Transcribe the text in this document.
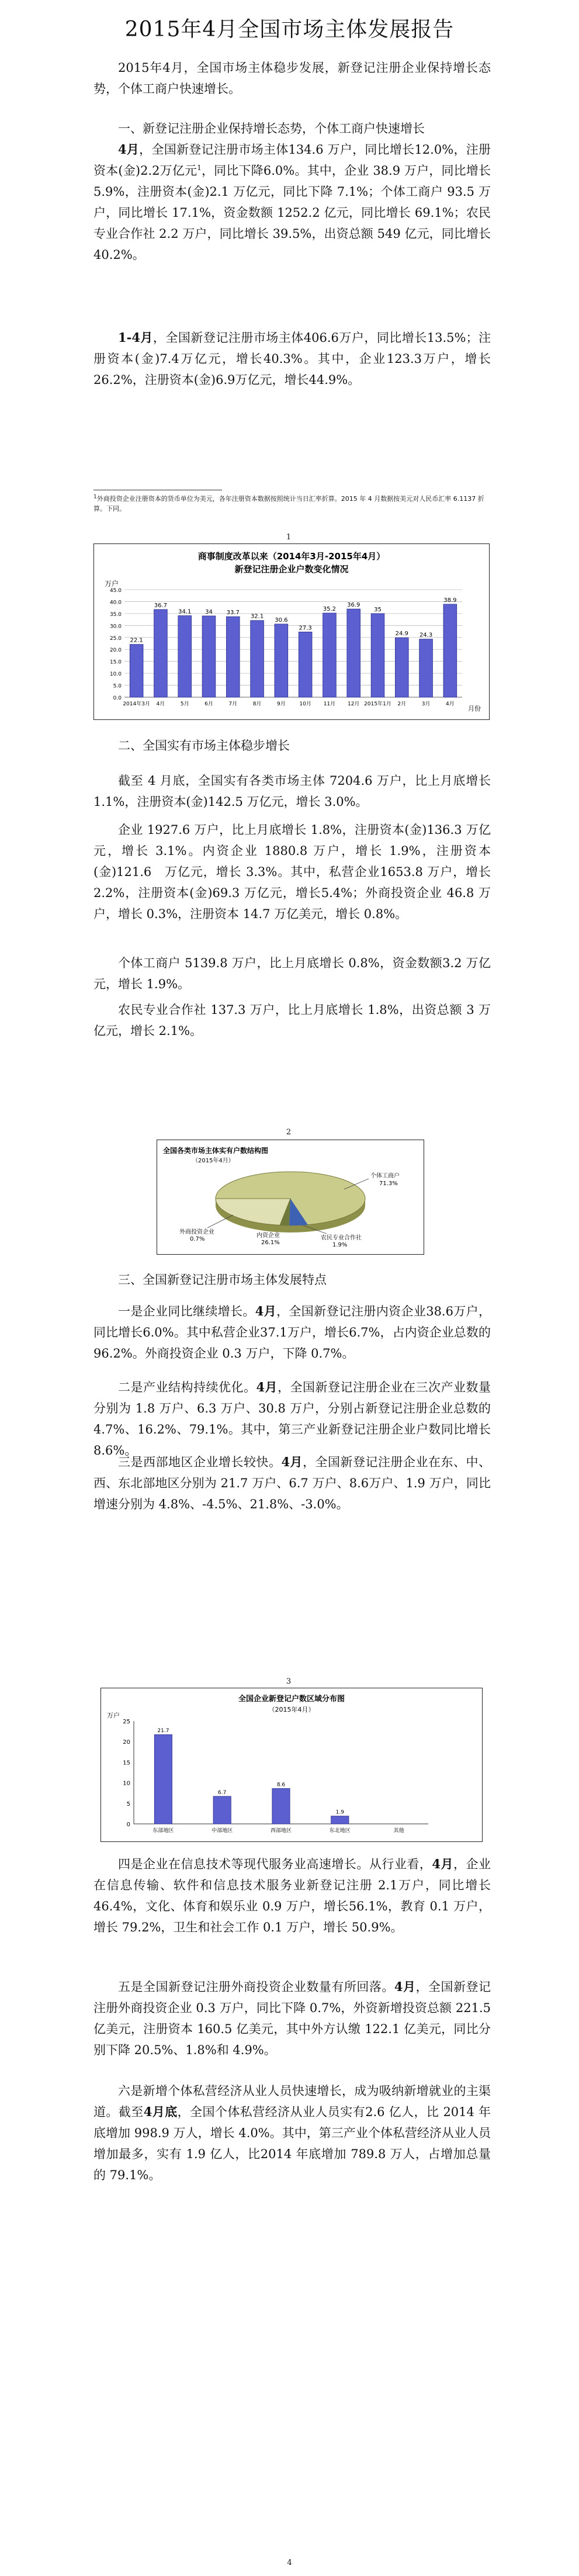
2015年4月全国市场主体发展报告
2015年4月，全国市场主体稳步发展，新登记注册企业保持增长态势，个体工商户快速增长。
一、新登记注册企业保持增长态势，个体工商户快速增长
4月，全国新登记注册市场主体134.6 万户，同比增长12.0%，注册资本(金)2.2万亿元$^1$，同比下降6.0%。其中，企业 38.9 万户，同比增长 5.9%，注册资本(金)2.1 万亿元，同比下降 7.1%；个体工商户 93.5 万户，同比增长 17.1%，资金数额 1252.2 亿元，同比增长 69.1%；农民专业合作社 2.2 万户，同比增长 39.5%，出资总额 549 亿元，同比增长 40.2%。
1-4月，全国新登记注册市场主体406.6万户，同比增长13.5%；注册资本(金)7.4万亿元，增长40.3%。其中，企业123.3万户，增长26.2%，注册资本(金)6.9万亿元，增长44.9%。
$^1$外商投资企业注册资本的货币单位为美元，各年注册资本数据按照统计当日汇率折算。2015 年 4 月数据按美元对人民币汇率 6.1137 折算。下同。
1
商事制度改革以来（2014年3月-2015年4月）
新登记注册企业户数变化情况
万户
月份
45.0
40.0
35.0
30.0
25.0
20.0
15.0
10.0
5.0
0.0
22.1
2014年3月
36.7
4月
34.1
5月
34
6月
33.7
7月
32.1
8月
30.6
9月
27.3
10月
35.2
11月
36.9
12月
35
2015年1月
24.9
2月
24.3
3月
38.9
4月
二、全国实有市场主体稳步增长
截至 4 月底，全国实有各类市场主体 7204.6 万户，比上月底增长 1.1%，注册资本(金)142.5 万亿元，增长 3.0%。
企业 1927.6 万户，比上月底增长 1.8%，注册资本(金)136.3 万亿元，增长 3.1%。内资企业 1880.8 万户，增长 1.9%，注册资本(金)121.6　万亿元，增长 3.3%。其中，私营企业1653.8 万户，增长 2.2%，注册资本(金)69.3 万亿元，增长5.4%；外商投资企业 46.8 万户，增长 0.3%，注册资本 14.7 万亿美元，增长 0.8%。
个体工商户 5139.8 万户，比上月底增长 0.8%，资金数额3.2 万亿元，增长 1.9%。
农民专业合作社 137.3 万户，比上月底增长 1.8%，出资总额 3 万亿元，增长 2.1%。
2
全国各类市场主体实有户数结构图
（2015年4月）
个体工商户
71.3%
内资企业
26.1%
外商投资企业
0.7%	农民专业合作社
1.9%
三、全国新登记注册市场主体发展特点
一是企业同比继续增长。4月，全国新登记注册内资企业38.6万户，同比增长6.0%。其中私营企业37.1万户，增长6.7%，占内资企业总数的96.2%。外商投资企业 0.3 万户，下降 0.7%。
二是产业结构持续优化。4月，全国新登记注册企业在三次产业数量分别为 1.8 万户、6.3 万户、30.8 万户，分别占新登记注册企业总数的 4.7%、16.2%、79.1%。其中，第三产业新登记注册企业户数同比增长 8.6%。
三是西部地区企业增长较快。4月，全国新登记注册企业在东、中、西、东北部地区分别为 21.7 万户、6.7 万户、8.6万户、1.9 万户，同比增速分别为 4.8%、-4.5%、21.8%、-3.0%。
3
全国企业新登记户数区域分布图
（2015年4月）
万户
25
20
15
10
5
0
21.7
东部地区
6.7
中部地区
8.6
西部地区
1.9
东北地区	其他
四是企业在信息技术等现代服务业高速增长。从行业看，4月，企业在信息传输、软件和信息技术服务业新登记注册 2.1万户，同比增长 46.4%，文化、体育和娱乐业 0.9 万户，增长56.1%，教育 0.1 万户，增长 79.2%，卫生和社会工作 0.1 万户，增长 50.9%。
五是全国新登记注册外商投资企业数量有所回落。4月，全国新登记注册外商投资企业 0.3 万户，同比下降 0.7%，外资新增投资总额 221.5 亿美元，注册资本 160.5 亿美元，其中外方认缴 122.1 亿美元，同比分别下降 20.5%、1.8%和 4.9%。
六是新增个体私营经济从业人员快速增长，成为吸纳新增就业的主渠道。截至4月底，全国个体私营经济从业人员实有2.6 亿人，比 2014 年底增加 998.9 万人，增长 4.0%。其中，第三产业个体私营经济从业人员增加最多，实有 1.9 亿人，比2014 年底增加 789.8 万人，占增加总量的 79.1%。
4
